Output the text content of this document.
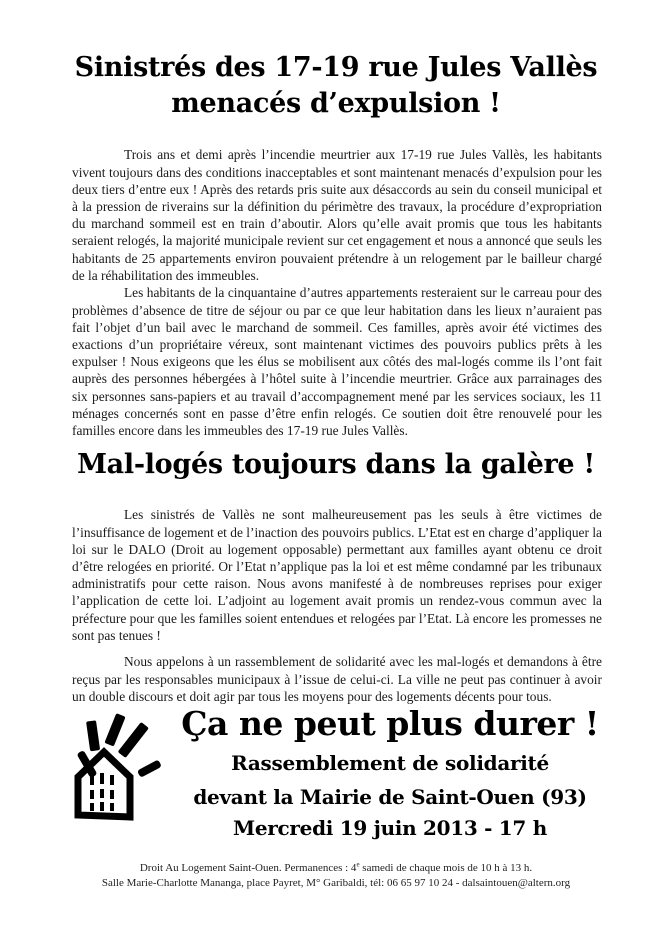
Sinistrés des 17-19 rue Jules Vallès
menacés d’expulsion !

Trois ans et demi après l’incendie meurtrier aux 17-19 rue Jules Vallès, les habitants vivent toujours dans des conditions inacceptables et sont maintenant menacés d’expulsion pour les deux tiers d’entre eux ! Après des retards pris suite aux désaccords au sein du conseil municipal et à la pression de riverains sur la définition du périmètre des travaux, la procédure d’expropriation du marchand sommeil est en train d’aboutir. Alors qu’elle avait promis que tous les habitants seraient relogés, la majorité municipale revient sur cet engagement et nous a annoncé que seuls les habitants de 25 appartements environ pouvaient prétendre à un relogement par le bailleur chargé de la réhabilitation des immeubles.

Les habitants de la cinquantaine d’autres appartements resteraient sur le carreau pour des problèmes d’absence de titre de séjour ou par ce que leur habitation dans les lieux n’auraient pas fait l’objet d’un bail avec le marchand de sommeil. Ces familles, après avoir été victimes des exactions d’un propriétaire véreux, sont maintenant victimes des pouvoirs publics prêts à les expulser ! Nous exigeons que les élus se mobilisent aux côtés des mal-logés comme ils l’ont fait auprès des personnes hébergées à l’hôtel suite à l’incendie meurtrier. Grâce aux parrainages des six personnes sans-papiers et au travail d’accompagnement mené par les services sociaux, les 11 ménages concernés sont en passe d’être enfin relogés. Ce soutien doit être renouvelé pour les familles encore dans les immeubles des 17-19 rue Jules Vallès.

Mal-logés toujours dans la galère !

Les sinistrés de Vallès ne sont malheureusement pas les seuls à être victimes de l’insuffisance de logement et de l’inaction des pouvoirs publics. L’Etat est en charge d’appliquer la loi sur le DALO (Droit au logement opposable) permettant aux familles ayant obtenu ce droit d’être relogées en priorité. Or l’Etat n’applique pas la loi et est même condamné par les tribunaux administratifs pour cette raison. Nous avons manifesté à de nombreuses reprises pour exiger l’application de cette loi. L’adjoint au logement avait promis un rendez-vous commun avec la préfecture pour que les familles soient entendues et relogées par l’Etat. Là encore les promesses ne sont pas tenues !

Nous appelons à un rassemblement de solidarité avec les mal-logés et demandons à être reçus par les responsables municipaux à l’issue de celui-ci. La ville ne peut pas continuer à avoir un double discours et doit agir par tous les moyens pour des logements décents pour tous.

Ça ne peut plus durer !
Rassemblement de solidarité
devant la Mairie de Saint-Ouen (93)
Mercredi 19 juin 2013 - 17 h
Droit Au Logement Saint-Ouen. Permanences : 4e samedi de chaque mois de 10 h à 13 h.
Salle Marie-Charlotte Mananga, place Payret, M° Garibaldi, tél: 06 65 97 10 24 - dalsaintouen@altern.org
